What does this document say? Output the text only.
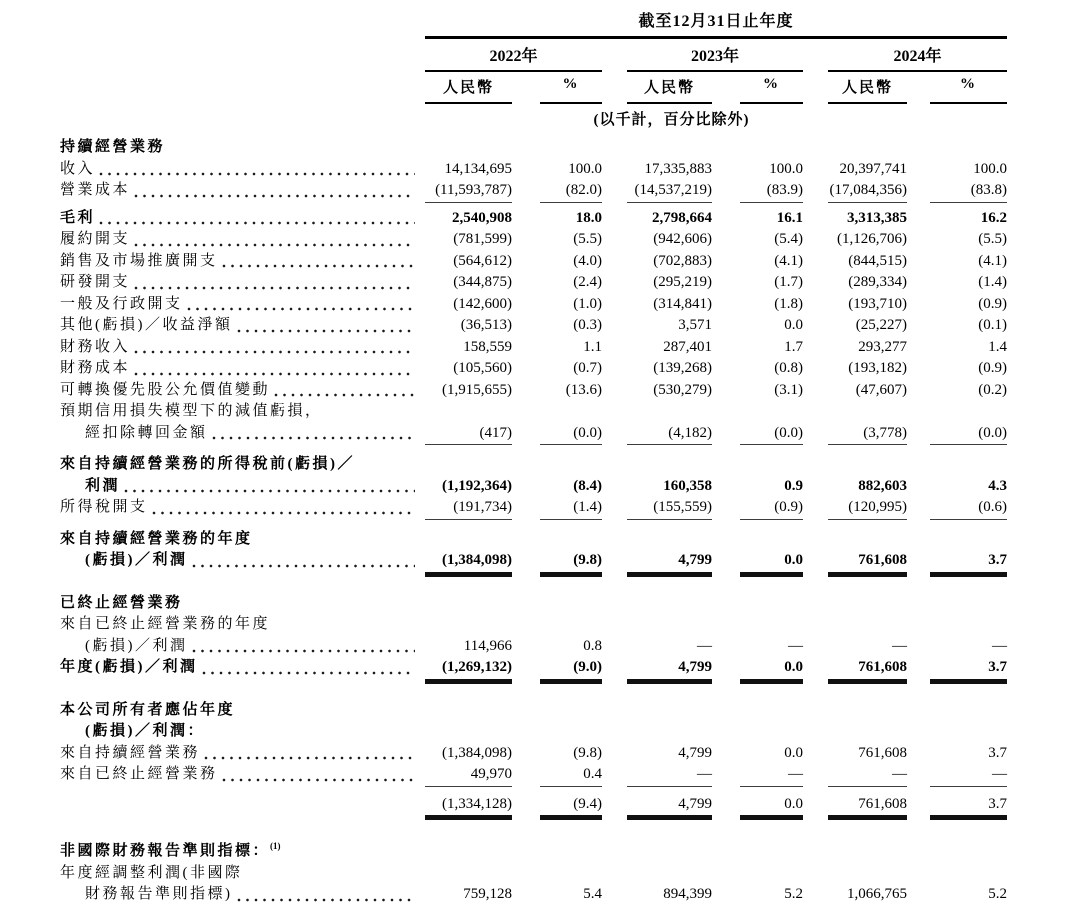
截至12月31日止年度
2022年	2023年	2024年
人民幣	%	人民幣	%	人民幣	%
(以千計，百分比除外)
持續經營業務
收入	14,134,695	100.0	17,335,883	100.0	20,397,741	100.0
營業成本	(11,593,787)	(82.0)	(14,537,219)	(83.9) (17,084,356)	(83.8)
毛利	2,540,908	18.0	2,798,664	16.1	3,313,385	16.2
履約開支	(781,599)	(5.5)	(942,606)	(5.4)	(1,126,706)	(5.5)
銷售及市場推廣開支	(564,612)	(4.0)	(702,883)	(4.1)	(844,515)	(4.1)
研發開支	(344,875)	(2.4)	(295,219)	(1.7)	(289,334)	(1.4)
一般及行政開支	(142,600)	(1.0)	(314,841)	(1.8)	(193,710)	(0.9)
其他(虧損)／收益淨額	(36,513)	(0.3)	3,571	0.0	(25,227)	(0.1)
財務收入	158,559	1.1	287,401	1.7	293,277	1.4
財務成本	(105,560)	(0.7)	(139,268)	(0.8)	(193,182)	(0.9)
可轉換優先股公允價值變動	(1,915,655)	(13.6)	(530,279)	(3.1)	(47,607)	(0.2)
預期信用損失模型下的減值虧損，
經扣除轉回金額	(417)	(0.0)	(4,182)	(0.0)	(3,778)	(0.0)
來自持續經營業務的所得稅前(虧損)／
利潤	(1,192,364)	(8.4)	160,358	0.9	882,603	4.3
所得稅開支	(191,734)	(1.4)	(155,559)	(0.9)	(120,995)	(0.6)
來自持續經營業務的年度
(虧損)／利潤	(1,384,098)	(9.8)	4,799	0.0	761,608	3.7
已終止經營業務
來自已終止經營業務的年度
(虧損)／利潤	114,966	0.8	—	—	—	—
年度(虧損)／利潤	(1,269,132)	(9.0)	4,799	0.0	761,608	3.7
本公司所有者應佔年度
(虧損)／利潤：
來自持續經營業務	(1,384,098)	(9.8)	4,799	0.0	761,608	3.7
來自已終止經營業務	49,970	0.4	—	—	—	—
(1,334,128)	(9.4)	4,799	0.0	761,608	3.7
非國際財務報告準則指標：$^{(1)}$
年度經調整利潤(非國際
財務報告準則指標)	759,128	5.4	894,399	5.2	1,066,765	5.2
